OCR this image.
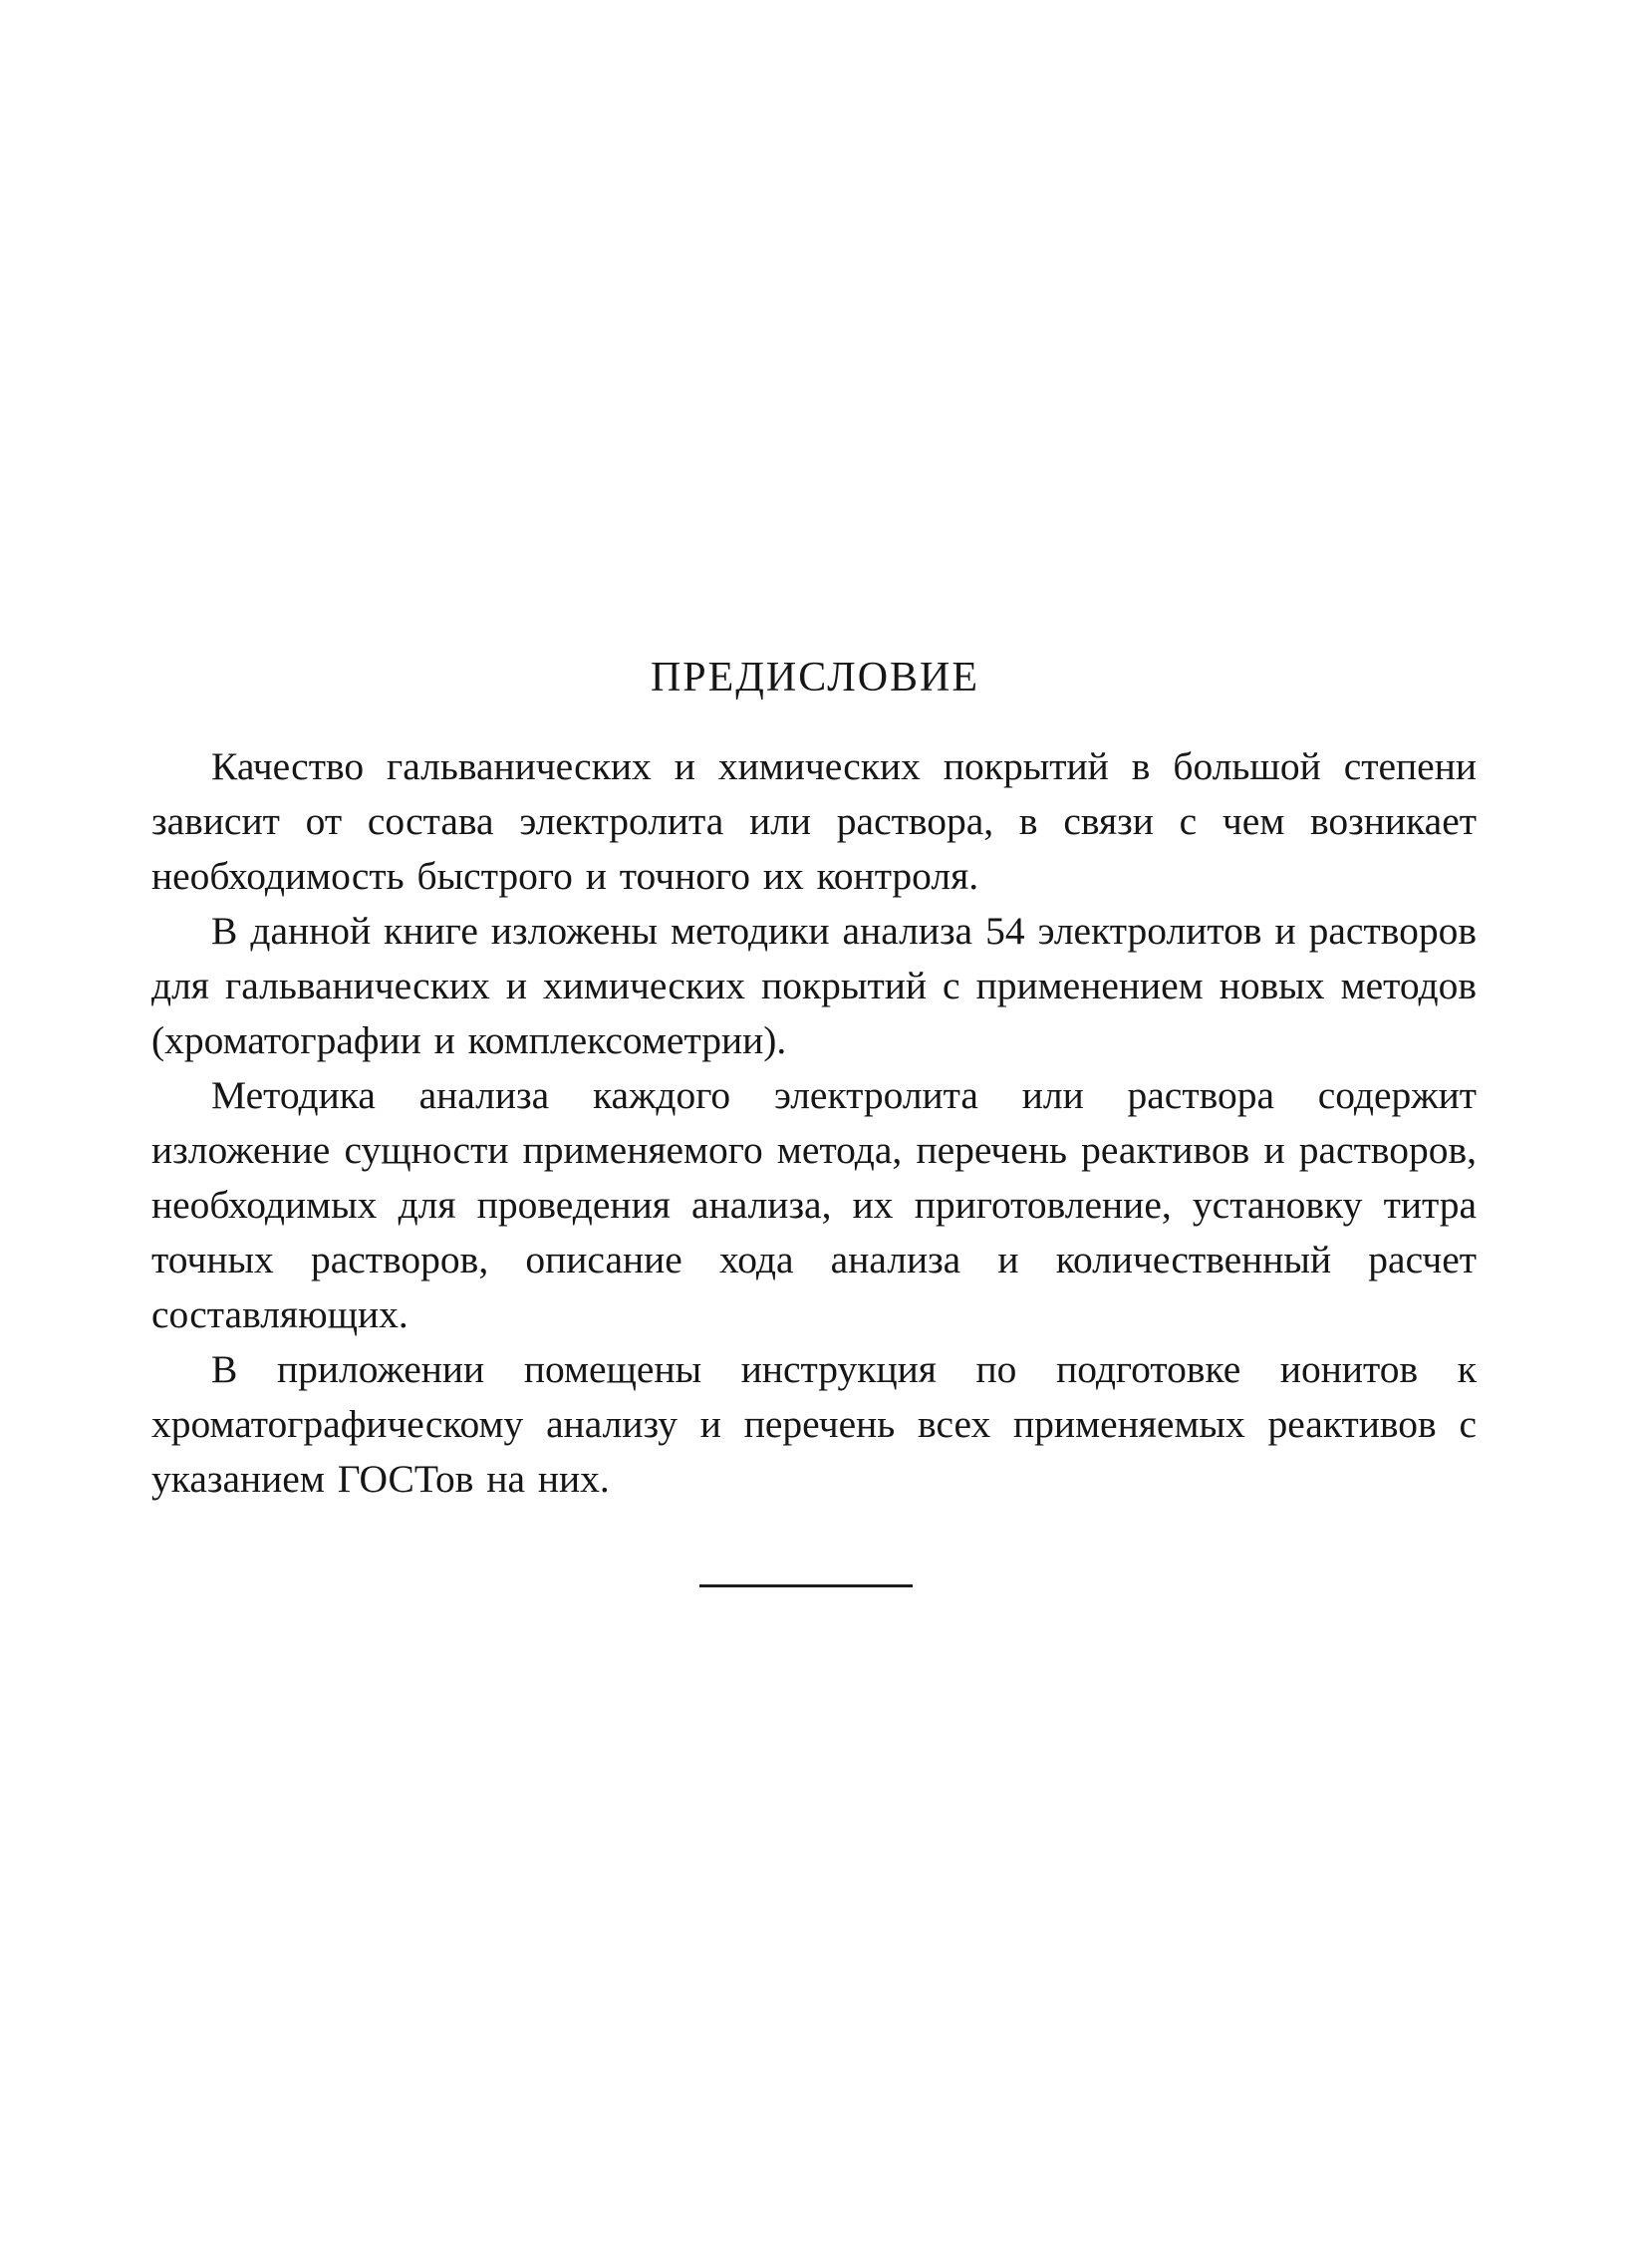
ПРЕДИСЛОВИЕ

Качество гальванических и химических покрытий в большой степени зависит от состава электролита или раствора, в связи с чем возникает необходимость быстрого и точного их контроля.

В данной книге изложены методики анализа 54 электролитов и растворов для гальванических и химических покрытий с применением новых методов (хроматографии и комплексометрии).

Методика анализа каждого электролита или раствора содержит изложение сущности применяемого метода, перечень реактивов и растворов, необходимых для проведения анализа, их приготовление, установку титра точных растворов, описание хода анализа и количественный расчет составляющих.

В приложении помещены инструкция по подготовке ионитов к хроматографическому анализу и перечень всех применяемых реактивов с указанием ГОСТов на них.
